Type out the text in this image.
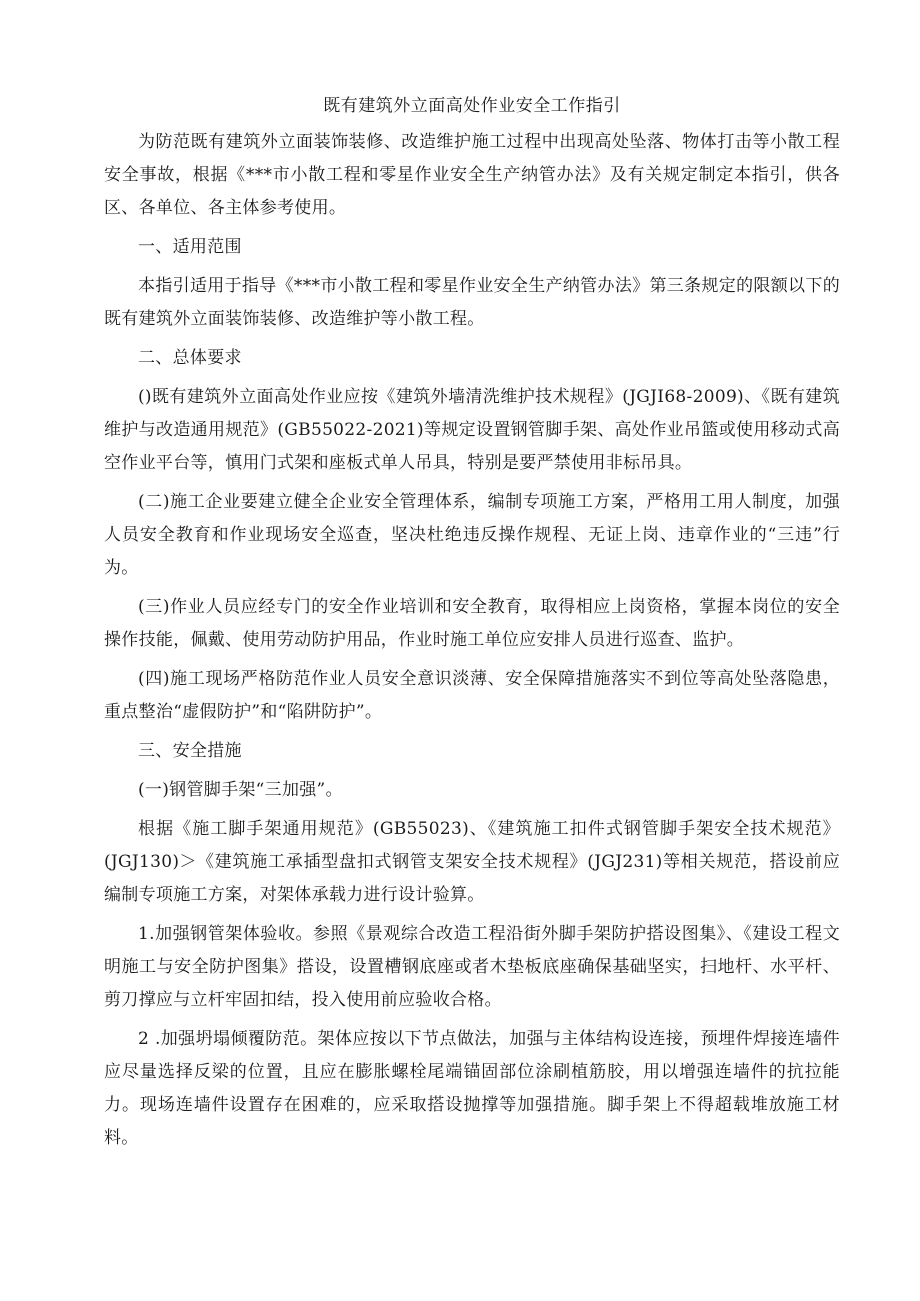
既有建筑外立面高处作业安全工作指引

为防范既有建筑外立面装饰装修、改造维护施工过程中出现高处坠落、物体打击等小散工程安全事故，根据《***市小散工程和零星作业安全生产纳管办法》及有关规定制定本指引，供各区、各单位、各主体参考使用。

一、适用范围

本指引适用于指导《***市小散工程和零星作业安全生产纳管办法》第三条规定的限额以下的既有建筑外立面装饰装修、改造维护等小散工程。

二、总体要求

()既有建筑外立面高处作业应按《建筑外墙清洗维护技术规程》(JGJI68-2009)、《既有建筑维护与改造通用规范》(GB55022-2021)等规定设置钢管脚手架、高处作业吊篮或使用移动式高空作业平台等，慎用门式架和座板式单人吊具，特别是要严禁使用非标吊具。

(二)施工企业要建立健全企业安全管理体系，编制专项施工方案，严格用工用人制度，加强人员安全教育和作业现场安全巡查，坚决杜绝违反操作规程、无证上岗、违章作业的“三违”行为。

(三)作业人员应经专门的安全作业培训和安全教育，取得相应上岗资格，掌握本岗位的安全操作技能，佩戴、使用劳动防护用品，作业时施工单位应安排人员进行巡查、监护。

(四)施工现场严格防范作业人员安全意识淡薄、安全保障措施落实不到位等高处坠落隐患，重点整治“虚假防护”和“陷阱防护”。

三、安全措施

(一)钢管脚手架“三加强”。

根据《施工脚手架通用规范》(GB55023)、《建筑施工扣件式钢管脚手架安全技术规范》(JGJ130)＞《建筑施工承插型盘扣式钢管支架安全技术规程》(JGJ231)等相关规范，搭设前应编制专项施工方案，对架体承载力进行设计验算。

1.加强钢管架体验收。参照《景观综合改造工程沿街外脚手架防护搭设图集》、《建设工程文明施工与安全防护图集》搭设，设置槽钢底座或者木垫板底座确保基础坚实，扫地杆、水平杆、剪刀撑应与立杆牢固扣结，投入使用前应验收合格。

2 .加强坍塌倾覆防范。架体应按以下节点做法，加强与主体结构设连接，预埋件焊接连墙件应尽量选择反梁的位置，且应在膨胀螺栓尾端锚固部位涂刷植筋胶，用以增强连墙件的抗拉能力。现场连墙件设置存在困难的，应采取搭设抛撑等加强措施。脚手架上不得超载堆放施工材料。
